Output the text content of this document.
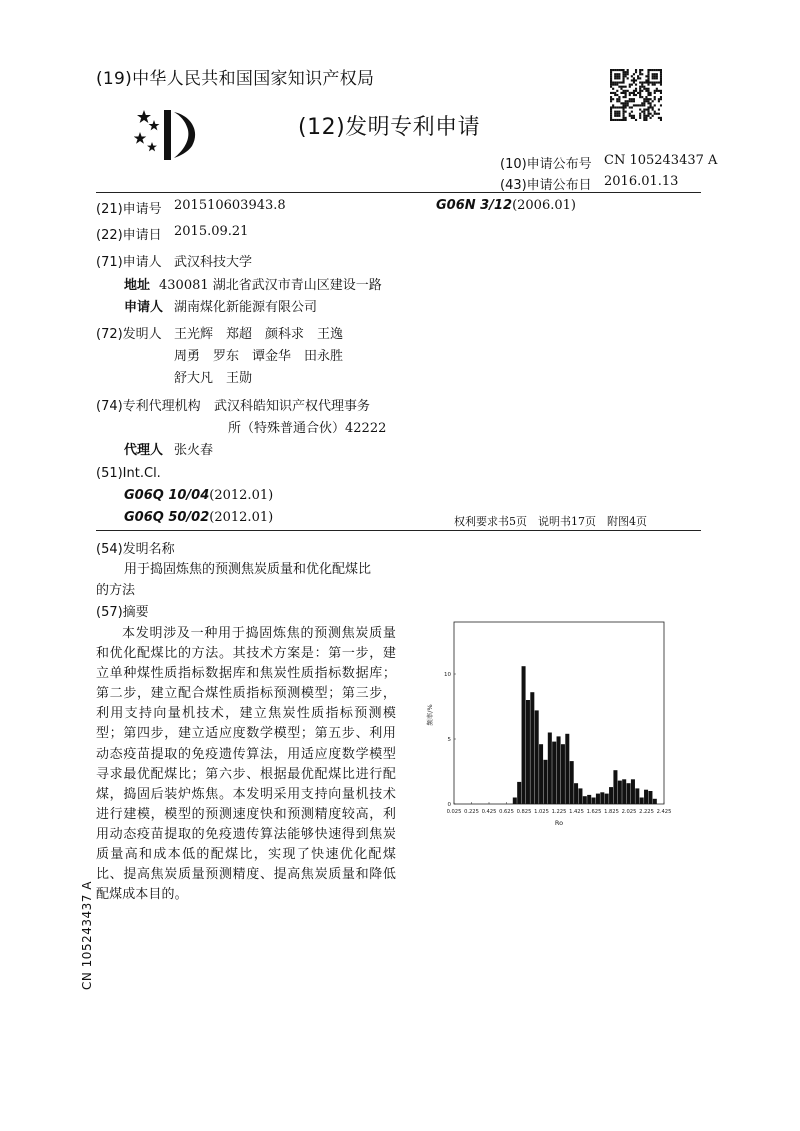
(19)中华人民共和国国家知识产权局
(12)发明专利申请
(10)申请公布号 CN 105243437 A
(43)申请公布日 2016.01.13
(21)申请号 201510603943.8	G06N 3/12(2006.01)
(22)申请日 2015.09.21
(71)申请人 武汉科技大学
地址 430081 湖北省武汉市青山区建设一路
申请人 湖南煤化新能源有限公司
(72)发明人 王光辉　郑超　颜科求　王逸
周勇　罗东　谭金华　田永胜
舒大凡　王勋
(74)专利代理机构 武汉科皓知识产权代理事务
所（特殊普通合伙）42222
代理人 张火春
(51)Int.Cl.
G06Q 10/04(2012.01)
G06Q 50/02(2012.01)	权利要求书5页　说明书17页　附图4页
(54)发明名称
用于捣固炼焦的预测焦炭质量和优化配煤比
的方法
(57)摘要
本发明涉及一种用于捣固炼焦的预测焦炭质量和优化配煤比的方法。其技术方案是：第一步，建立单种煤性质指标数据库和焦炭性质指标数据库；第二步，建立配合煤性质指标预测模型；第三步，利用支持向量机技术，建立焦炭性质指标预测模型；第四步，建立适应度数学模型；第五步、利用动态疫苗提取的免疫遗传算法，用适应度数学模型寻求最优配煤比；第六步、根据最优配煤比进行配煤，捣固后装炉炼焦。本发明采用支持向量机技术进行建模，模型的预测速度快和预测精度较高，利用动态疫苗提取的免疫遗传算法能够快速得到焦炭质量高和成本低的配煤比，实现了快速优化配煤比、提高焦炭质量预测精度、提高焦炭质量和降低配煤成本目的。
0.025 0.225 0.425 0.625 0.825 1.025 1.225 1.425 1.625 1.825 2.025 2.225 2.425
0
5
10
频率/%
Ro
CN 105243437 A
